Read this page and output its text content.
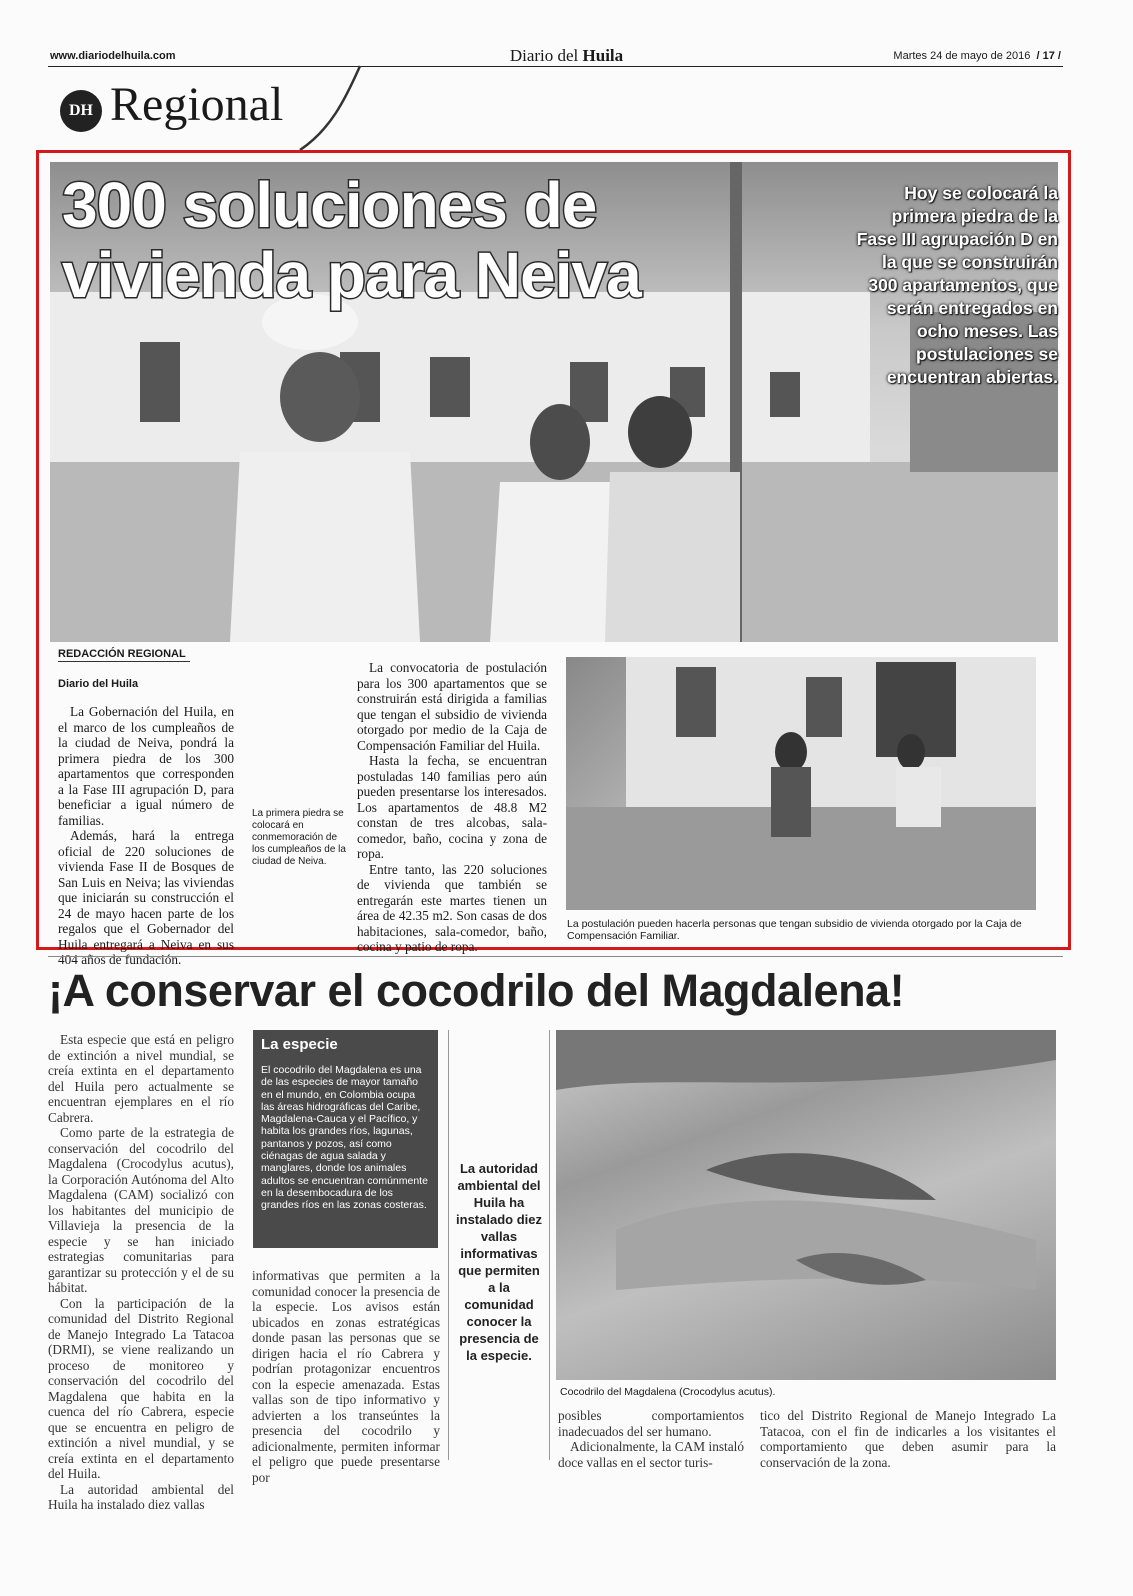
www.diariodelhuila.com	Diario del Huila	Martes 24 de mayo de 2016 / 17 /
DH Regional
300 soluciones de
vivienda para Neiva
Hoy se colocará la primera piedra de la Fase III agrupación D en la que se construirán 300 apartamentos, que serán entregados en ocho meses. Las postulaciones se encuentran abiertas.
REDACCIÓN REGIONAL
Diario del Huila

La Gobernación del Huila, en el marco de los cumpleaños de la ciudad de Neiva, pondrá la primera piedra de los 300 apartamentos que corresponden a la Fase III agrupación D, para beneficiar a igual número de familias.

Además, hará la entrega oficial de 220 soluciones de vivienda Fase II de Bosques de San Luis en Neiva; las viviendas que iniciarán su construcción el 24 de mayo hacen parte de los regalos que el Gobernador del Huila entregará a Neiva en sus 404 años de fundación.

La primera piedra se colocará en conmemoración de los cumpleaños de la ciudad de Neiva.

La convocatoria de postulación para los 300 apartamentos que se construirán está dirigida a familias que tengan el subsidio de vivienda otorgado por medio de la Caja de Compensación Familiar del Huila.

Hasta la fecha, se encuentran postuladas 140 familias pero aún pueden presentarse los interesados. Los apartamentos de 48.8 M2 constan de tres alcobas, sala-comedor, baño, cocina y zona de ropa.

Entre tanto, las 220 soluciones de vivienda que también se entregarán este martes tienen un área de 42.35 m2. Son casas de dos habitaciones, sala-comedor, baño, cocina y patio de ropa.

La postulación pueden hacerla personas que tengan subsidio de vivienda otorgado por la Caja de Compensación Familiar.
¡A conservar el cocodrilo del Magdalena!

Esta especie que está en peligro de extinción a nivel mundial, se creía extinta en el departamento del Huila pero actualmente se encuentran ejemplares en el río Cabrera.

Como parte de la estrategia de conservación del cocodrilo del Magdalena (Crocodylus acutus), la Corporación Autónoma del Alto Magdalena (CAM) socializó con los habitantes del municipio de Villavieja la presencia de la especie y se han iniciado estrategias comunitarias para garantizar su protección y el de su hábitat.

Con la participación de la comunidad del Distrito Regional de Manejo Integrado La Tatacoa (DRMI), se viene realizando un proceso de monitoreo y conservación del cocodrilo del Magdalena que habita en la cuenca del río Cabrera, especie que se encuentra en peligro de extinción a nivel mundial, y se creía extinta en el departamento del Huila.

La autoridad ambiental del Huila ha instalado diez vallas

La especie
El cocodrilo del Magdalena es una de las especies de mayor tamaño en el mundo, en Colombia ocupa las áreas hidrográficas del Caribe, Magdalena-Cauca y el Pacífico, y habita los grandes ríos, lagunas, pantanos y pozos, así como ciénagas de agua salada y manglares, donde los animales adultos se encuentran comúnmente en la desembocadura de los grandes ríos en las zonas costeras.

informativas que permiten a la comunidad conocer la presencia de la especie. Los avisos están ubicados en zonas estratégicas donde pasan las personas que se dirigen hacia el río Cabrera y podrían protagonizar encuentros con la especie amenazada. Estas vallas son de tipo informativo y advierten a los transeúntes la presencia del cocodrilo y adicionalmente, permiten informar el peligro que puede presentarse por

La autoridad ambiental del Huila ha instalado diez vallas informativas que permiten a la comunidad conocer la presencia de la especie.
Cocodrilo del Magdalena (Crocodylus acutus).

posibles comportamientos inadecuados del ser humano.

Adicionalmente, la CAM instaló doce vallas en el sector turis-

tico del Distrito Regional de Manejo Integrado La Tatacoa, con el fin de indicarles a los visitantes el comportamiento que deben asumir para la conservación de la zona.
